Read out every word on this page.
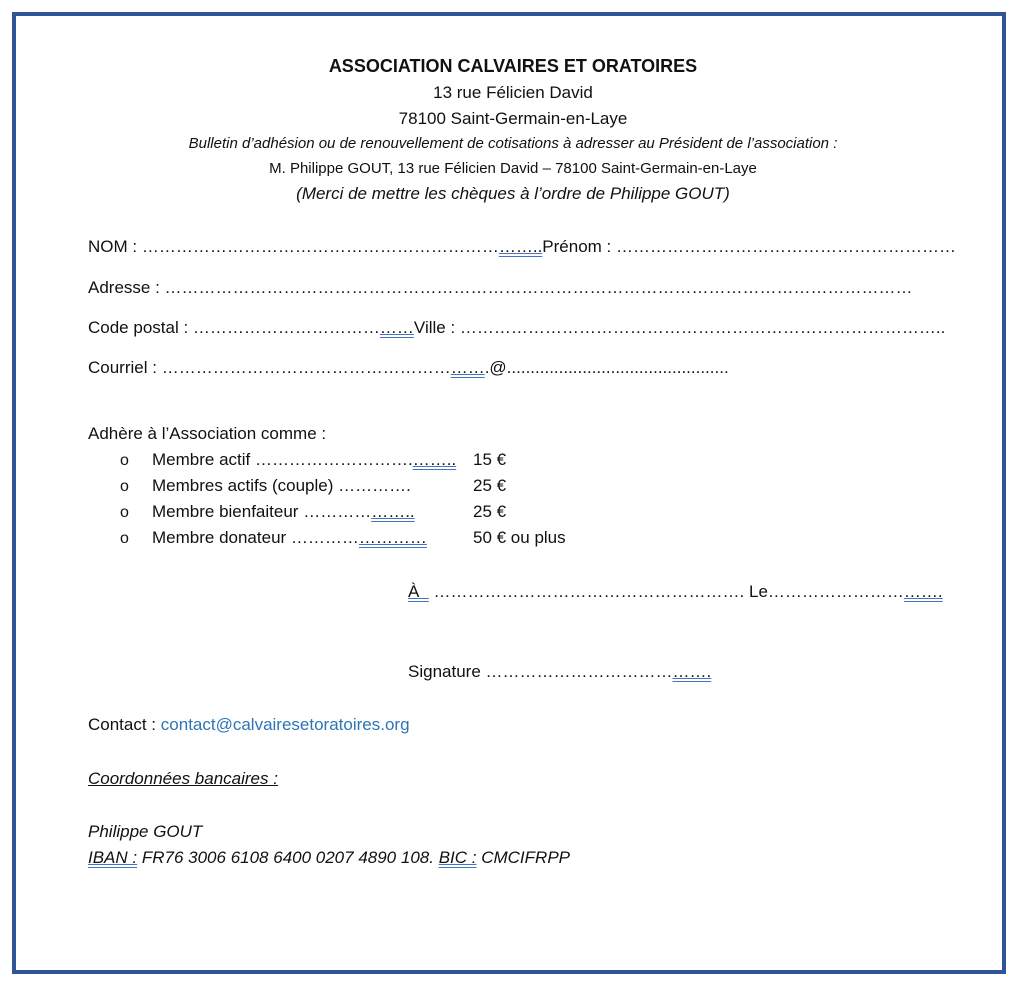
ASSOCIATION CALVAIRES ET ORATOIRES
13 rue Félicien David
78100 Saint-Germain-en-Laye
Bulletin d’adhésion ou de renouvellement de cotisations à adresser au Président de l’association :
M. Philippe GOUT, 13 rue Félicien David – 78100 Saint-Germain-en-Laye
(Merci de mettre les chèques à l’ordre de Philippe GOUT)
NOM : ……………………………………………………………..Prénom : ……………………………………………………
Adresse : ……………………………………………………………………………………………………………………
Code postal : …………………………………Ville : …………………………………………………………………………..
Courriel : ………………………………………………….@...............................................
Adhère à l’Association comme :
o Membre actif ……………………….…….. 15 €
o Membres actifs (couple) ………….	25 €
o Membre bienfaiteur ………………..	25 €
o Membre donateur ……………………	50 € ou plus
À ………………………………………………. Le………………………….
Signature ………………………………….
Contact : contact@calvairesetoratoires.org
Coordonnées bancaires :
Philippe GOUT
IBAN : FR76 3006 6108 6400 0207 4890 108. BIC : CMCIFRPP
